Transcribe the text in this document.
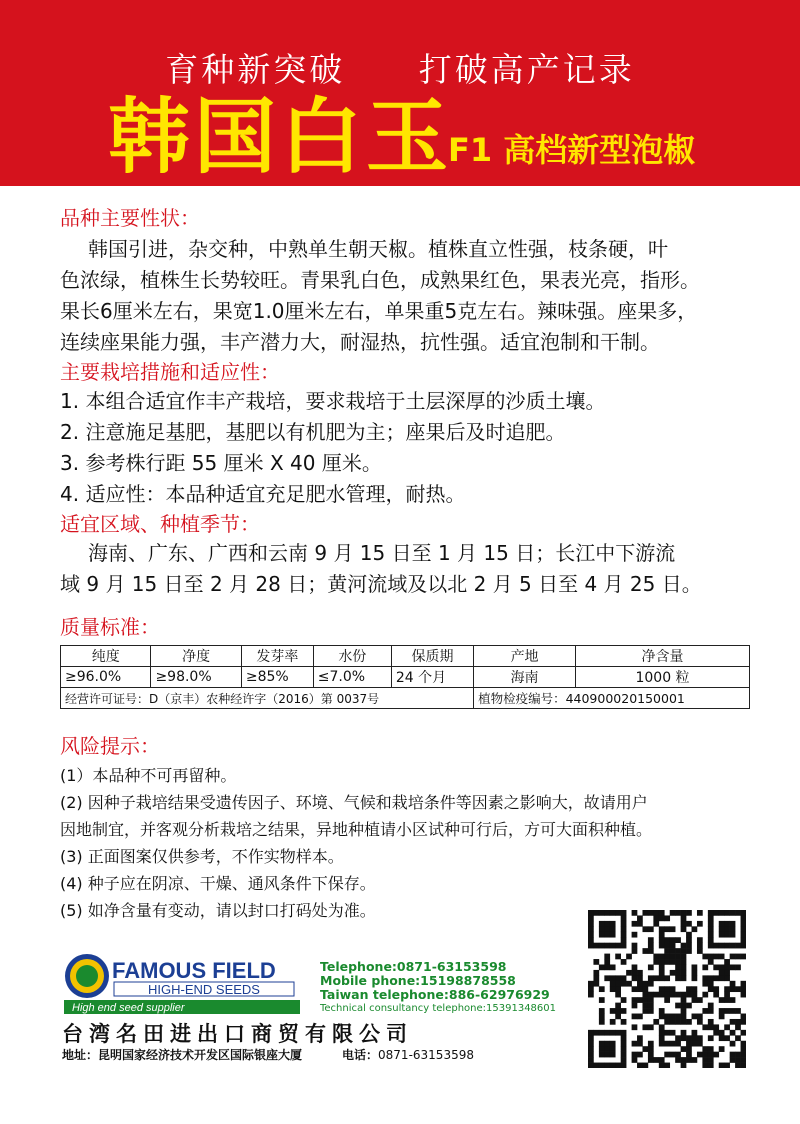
育种新突破 打破高产记录
韩国白玉
F1 高档新型泡椒
品种主要性状：

韩国引进，杂交种，中熟单生朝天椒。植株直立性强，枝条硬，叶

色浓绿，植株生长势较旺。青果乳白色，成熟果红色，果表光亮，指形。

果长6厘米左右，果宽1.0厘米左右，单果重5克左右。辣味强。座果多，

连续座果能力强，丰产潜力大，耐湿热，抗性强。适宜泡制和干制。

主要栽培措施和适应性：
1. 本组合适宜作丰产栽培，要求栽培于土层深厚的沙质土壤。
2. 注意施足基肥，基肥以有机肥为主；座果后及时追肥。
3. 参考株行距 55 厘米 X 40 厘米。
4. 适应性：本品种适宜充足肥水管理，耐热。
适宜区域、种植季节：

海南、广东、广西和云南 9 月 15 日至 1 月 15 日；长江中下游流

域 9 月 15 日至 2 月 28 日；黄河流域及以北 2 月 5 日至 4 月 25 日。

质量标准：
纯度	净度	发芽率	水份	保质期	产地	净含量
≥96.0%	≥98.0%	≥85%	≤7.0%	24 个月	海南	1000 粒
经营许可证号：D（京丰）农种经许字（2016）第 0037号					植物检疫编号：440900020150001	
风险提示：
(1）本品种不可再留种。
(2) 因种子栽培结果受遗传因子、环境、气候和栽培条件等因素之影响大，故请用户
因地制宜，并客观分析栽培之结果，异地种植请小区试种可行后，方可大面积种植。
(3) 正面图案仅供参考，不作实物样本。
(4) 种子应在阴凉、干燥、通风条件下保存。
(5) 如净含量有变动，请以封口打码处为准。
FAMOUS FIELD
HIGH-END SEEDS
High end seed supplier
Telephone:0871-63153598
Mobile phone:15198878558
Taiwan telephone:886-62976929
Technical consultancy telephone:15391348601
台湾名田进出口商贸有限公司
地址：昆明国家经济技术开发区国际银座大厦	电话：0871-63153598
